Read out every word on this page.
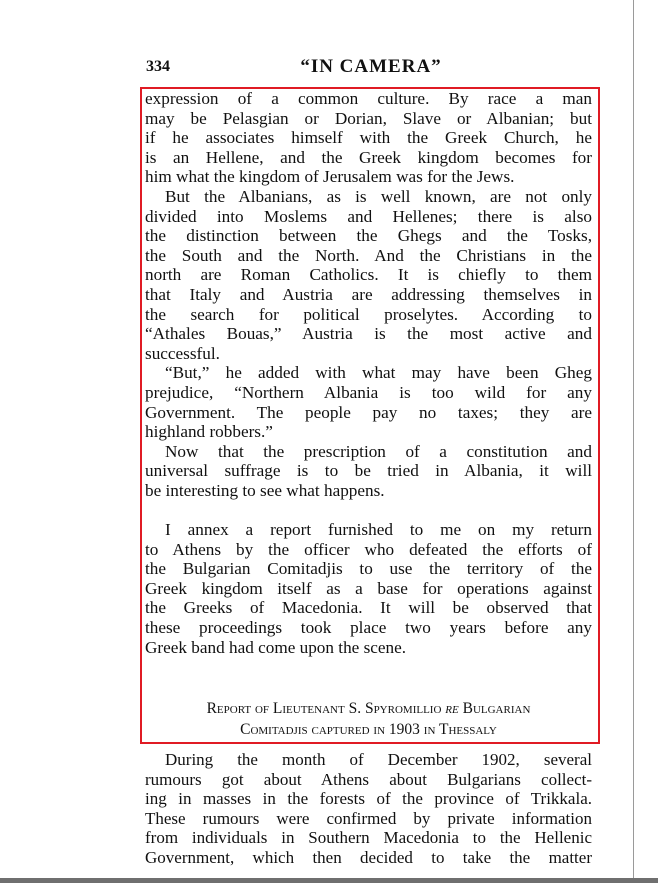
334	“IN CAMERA”

expression of a common culture. By race a man

may be Pelasgian or Dorian, Slave or Albanian; but

if he associates himself with the Greek Church, he

is an Hellene, and the Greek kingdom becomes for

him what the kingdom of Jerusalem was for the Jews.

But the Albanians, as is well known, are not only

divided into Moslems and Hellenes; there is also

the distinction between the Ghegs and the Tosks,

the South and the North. And the Christians in the

north are Roman Catholics. It is chiefly to them

that Italy and Austria are addressing themselves in

the search for political proselytes. According to

“Athales Bouas,” Austria is the most active and

successful.

“But,” he added with what may have been Gheg

prejudice, “Northern Albania is too wild for any

Government. The people pay no taxes; they are

highland robbers.”

Now that the prescription of a constitution and

universal suffrage is to be tried in Albania, it will

be interesting to see what happens.

I annex a report furnished to me on my return

to Athens by the officer who defeated the efforts of

the Bulgarian Comitadjis to use the territory of the

Greek kingdom itself as a base for operations against

the Greeks of Macedonia. It will be observed that

these proceedings took place two years before any

Greek band had come upon the scene.

Report of Lieutenant S. Spyromillio re Bulgarian
Comitadjis captured in 1903 in Thessaly

During the month of December 1902, several

rumours got about Athens about Bulgarians collect-

ing in masses in the forests of the province of Trikkala.

These rumours were confirmed by private information

from individuals in Southern Macedonia to the Hellenic

Government, which then decided to take the matter
